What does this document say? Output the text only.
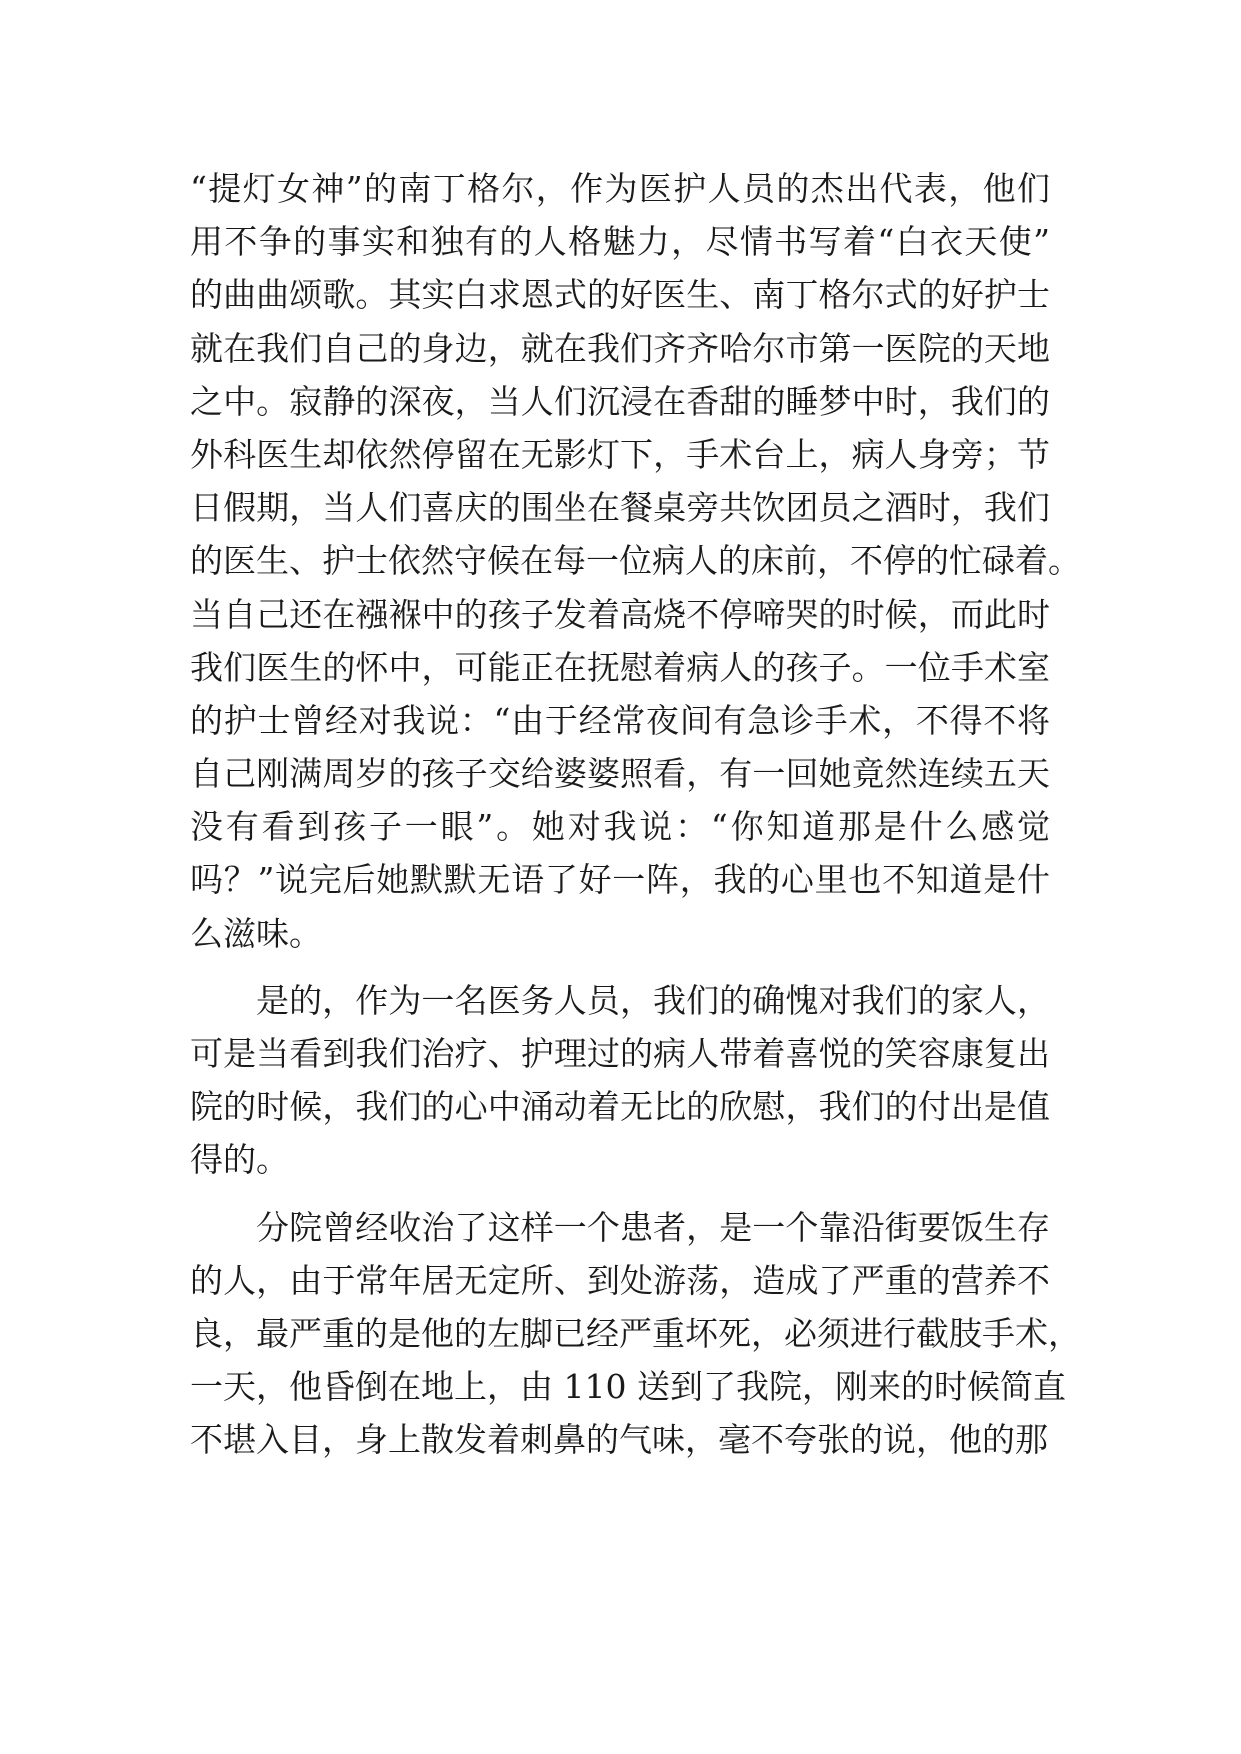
“提灯女神”的南丁格尔，作为医护人员的杰出代表，他们
用不争的事实和独有的人格魅力，尽情书写着“白衣天使”
的曲曲颂歌。其实白求恩式的好医生、南丁格尔式的好护士
就在我们自己的身边，就在我们齐齐哈尔市第一医院的天地
之中。寂静的深夜，当人们沉浸在香甜的睡梦中时，我们的
外科医生却依然停留在无影灯下，手术台上，病人身旁；节
日假期，当人们喜庆的围坐在餐桌旁共饮团员之酒时，我们
的医生、护士依然守候在每一位病人的床前，不停的忙碌着。
当自己还在襁褓中的孩子发着高烧不停啼哭的时候，而此时
我们医生的怀中，可能正在抚慰着病人的孩子。一位手术室
的护士曾经对我说：“由于经常夜间有急诊手术，不得不将
自己刚满周岁的孩子交给婆婆照看，有一回她竟然连续五天
没有看到孩子一眼”。她对我说：“你知道那是什么感觉
吗？”说完后她默默无语了好一阵，我的心里也不知道是什
么滋味。
是的，作为一名医务人员，我们的确愧对我们的家人，
可是当看到我们治疗、护理过的病人带着喜悦的笑容康复出
院的时候，我们的心中涌动着无比的欣慰，我们的付出是值
得的。
分院曾经收治了这样一个患者，是一个靠沿街要饭生存
的人，由于常年居无定所、到处游荡，造成了严重的营养不
良，最严重的是他的左脚已经严重坏死，必须进行截肢手术，
一天，他昏倒在地上，由 110 送到了我院，刚来的时候简直
不堪入目，身上散发着刺鼻的气味，毫不夸张的说，他的那
